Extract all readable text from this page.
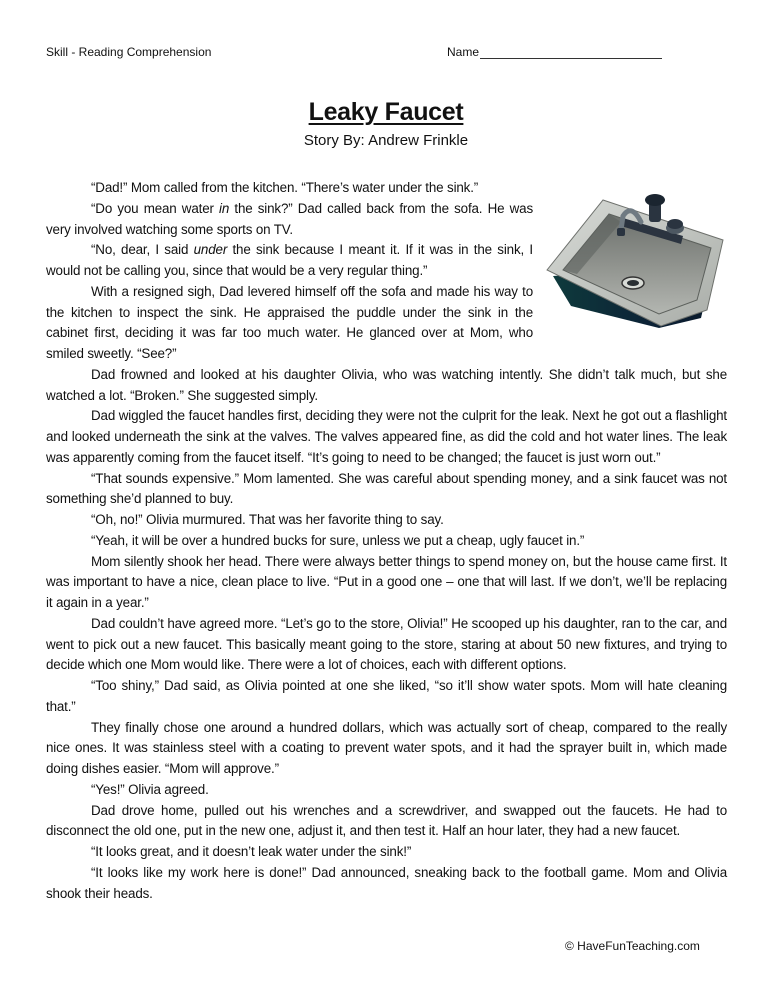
Skill - Reading Comprehension	Name
Leaky Faucet
Story By: Andrew Frinkle

“Dad!” Mom called from the kitchen. “There’s water under the sink.”

“Do you mean water in the sink?” Dad called back from the sofa. He was very involved watching some sports on TV.

“No, dear, I said under the sink because I meant it. If it was in the sink, I would not be calling you, since that would be a very regular thing.”

With a resigned sigh, Dad levered himself off the sofa and made his way to the kitchen to inspect the sink. He appraised the puddle under the sink in the cabinet first, deciding it was far too much water. He glanced over at Mom, who smiled sweetly. “See?”

Dad frowned and looked at his daughter Olivia, who was watching intently. She didn’t talk much, but she watched a lot. “Broken.” She suggested simply.

Dad wiggled the faucet handles first, deciding they were not the culprit for the leak. Next he got out a flashlight and looked underneath the sink at the valves. The valves appeared fine, as did the cold and hot water lines. The leak was apparently coming from the faucet itself. “It’s going to need to be changed; the faucet is just worn out.”

“That sounds expensive.” Mom lamented. She was careful about spending money, and a sink faucet was not something she’d planned to buy.

“Oh, no!” Olivia murmured. That was her favorite thing to say.

“Yeah, it will be over a hundred bucks for sure, unless we put a cheap, ugly faucet in.”

Mom silently shook her head. There were always better things to spend money on, but the house came first. It was important to have a nice, clean place to live. “Put in a good one – one that will last. If we don’t, we’ll be replacing it again in a year.”

Dad couldn’t have agreed more. “Let’s go to the store, Olivia!” He scooped up his daughter, ran to the car, and went to pick out a new faucet. This basically meant going to the store, staring at about 50 new fixtures, and trying to decide which one Mom would like. There were a lot of choices, each with different options.

“Too shiny,” Dad said, as Olivia pointed at one she liked, “so it’ll show water spots. Mom will hate cleaning that.”

They finally chose one around a hundred dollars, which was actually sort of cheap, compared to the really nice ones. It was stainless steel with a coating to prevent water spots, and it had the sprayer built in, which made doing dishes easier. “Mom will approve.”

“Yes!” Olivia agreed.

Dad drove home, pulled out his wrenches and a screwdriver, and swapped out the faucets. He had to disconnect the old one, put in the new one, adjust it, and then test it. Half an hour later, they had a new faucet.

“It looks great, and it doesn’t leak water under the sink!”

“It looks like my work here is done!” Dad announced, sneaking back to the football game. Mom and Olivia shook their heads.

© HaveFunTeaching.com
